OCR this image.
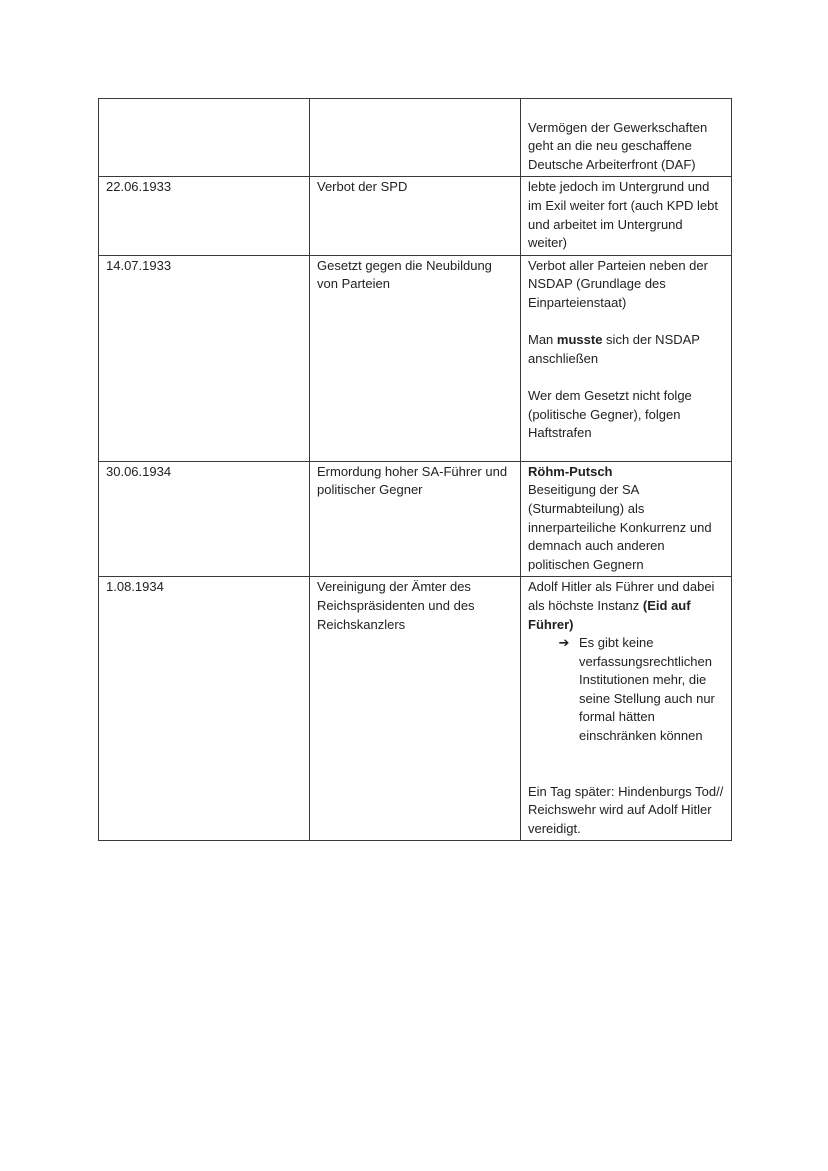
		Vermögen der Gewerkschaften geht an die neu geschaffene Deutsche Arbeiterfront (DAF)

22.06.1933	Verbot der SPD	lebte jedoch im Untergrund und im Exil weiter fort (auch KPD lebt und arbeitet im Untergrund weiter)

14.07.1933	Gesetzt gegen die Neubildung von Parteien	Verbot aller Parteien neben der NSDAP (Grundlage des Einparteienstaat)

Man musste sich der NSDAP anschließen

Wer dem Gesetzt nicht folge (politische Gegner), folgen Haftstrafen

30.06.1934	Ermordung hoher SA-Führer und politischer Gegner	Röhm-Putsch

Beseitigung der SA (Sturmabteilung) als innerparteiliche Konkurrenz und demnach auch anderen politischen Gegnern

1.08.1934	Vereinigung der Ämter des Reichspräsidenten und des Reichskanzlers	Adolf Hitler als Führer und dabei als höchste Instanz (Eid auf Führer)

➔ Es gibt keine verfassungsrechtlichen Institutionen mehr, die seine Stellung auch nur formal hätten einschränken können

Ein Tag später: Hindenburgs Tod// Reichswehr wird auf Adolf Hitler vereidigt.
